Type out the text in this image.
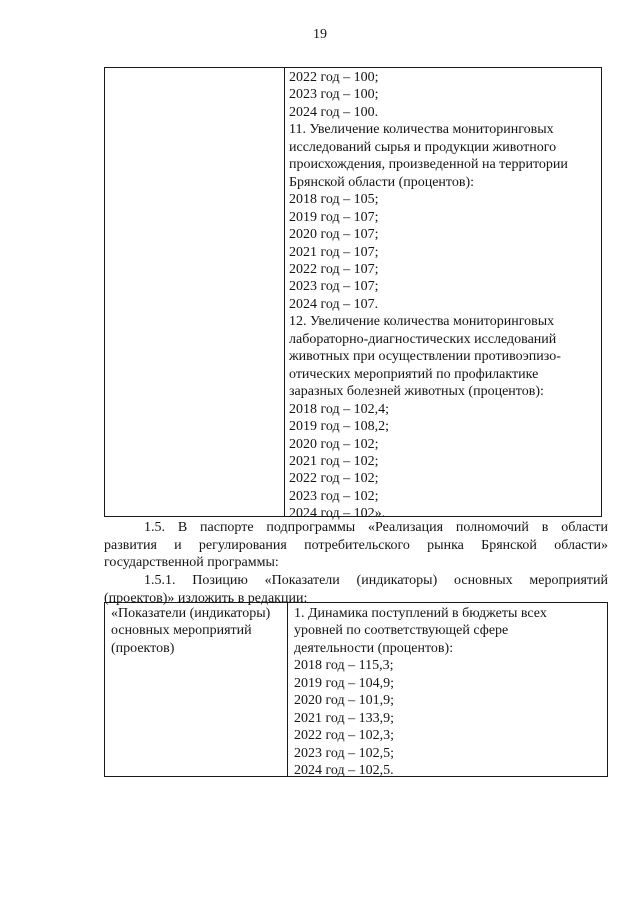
19
2022 год – 100;
2023 год – 100;
2024 год – 100.
11. Увеличение количества мониторинговых
исследований сырья и продукции животного
происхождения, произведенной на территории
Брянской области (процентов):
2018 год – 105;
2019 год – 107;
2020 год – 107;
2021 год – 107;
2022 год – 107;
2023 год – 107;
2024 год – 107.
12. Увеличение количества мониторинговых
лабораторно-диагностических исследований
животных при осуществлении противоэпизо-
отических мероприятий по профилактике
заразных болезней животных (процентов):
2018 год – 102,4;
2019 год – 108,2;
2020 год – 102;
2021 год – 102;
2022 год – 102;
2023 год – 102;
2024 год – 102».
1.5. В паспорте подпрограммы «Реализация полномочий в области
развития и регулирования потребительского рынка Брянской области»
государственной программы:
1.5.1. Позицию «Показатели (индикаторы) основных мероприятий
(проектов)» изложить в редакции:
«Показатели (индикаторы)
основных мероприятий
(проектов)
1. Динамика поступлений в бюджеты всех
уровней по соответствующей сфере
деятельности (процентов):
2018 год – 115,3;
2019 год – 104,9;
2020 год – 101,9;
2021 год – 133,9;
2022 год – 102,3;
2023 год – 102,5;
2024 год – 102,5.
